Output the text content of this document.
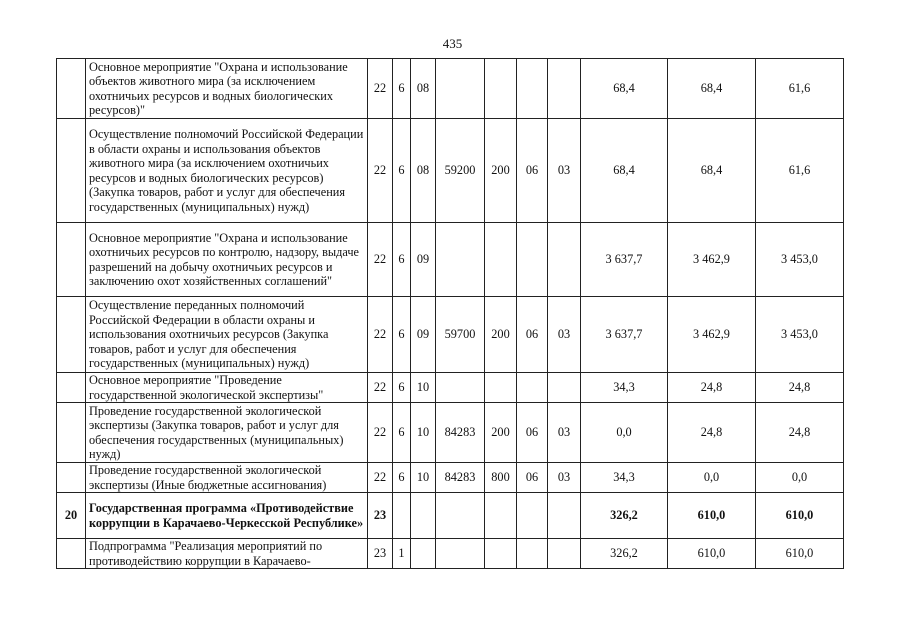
435
	Основное мероприятие "Охрана и использование объектов животного мира (за исключением охотничьих ресурсов и водных биологических ресурсов)"	22	6	08					68,4	68,4	61,6
	Осуществление полномочий Российской Федерации в области охраны и использования объектов животного мира (за исключением охотничьих ресурсов и водных биологических ресурсов) (Закупка товаров, работ и услуг для обеспечения государственных (муниципальных) нужд)	22	6	08	59200	200	06	03	68,4	68,4	61,6
	Основное мероприятие "Охрана и использование охотничьих ресурсов по контролю, надзору, выдаче разрешений на добычу охотничьих ресурсов и заключению охот хозяйственных соглашений"	22	6	09					3 637,7	3 462,9	3 453,0
	Осуществление переданных полномочий Российской Федерации в области охраны и использования охотничьих ресурсов (Закупка товаров, работ и услуг для обеспечения государственных (муниципальных) нужд)	22	6	09	59700	200	06	03	3 637,7	3 462,9	3 453,0
	Основное мероприятие "Проведение государственной экологической экспертизы"	22	6	10					34,3	24,8	24,8
	Проведение государственной экологической экспертизы (Закупка товаров, работ и услуг для обеспечения государственных (муниципальных) нужд)	22	6	10	84283	200	06	03	0,0	24,8	24,8
	Проведение государственной экологической экспертизы (Иные бюджетные ассигнования)	22	6	10	84283	800	06	03	34,3	0,0	0,0
20	Государственная программа «Противодействие коррупции в Карачаево-Черкесской Республике»	23							326,2	610,0	610,0
	Подпрограмма "Реализация мероприятий по противодействию коррупции в Карачаево-	23	1						326,2	610,0	610,0
